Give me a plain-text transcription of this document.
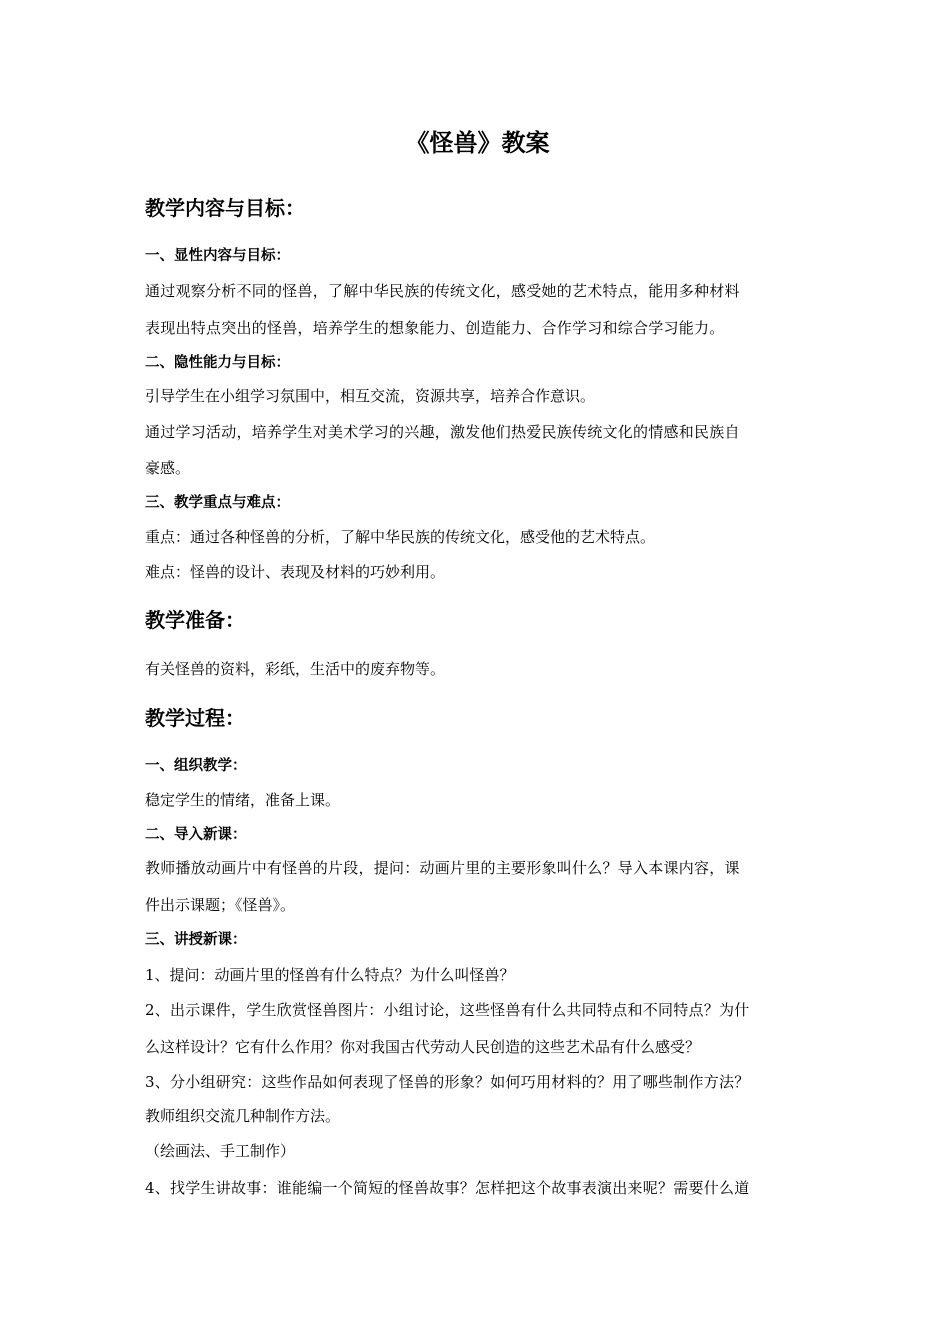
《怪兽》教案
教学内容与目标：
一、显性内容与目标：
通过观察分析不同的怪兽，了解中华民族的传统文化，感受她的艺术特点，能用多种材料
表现出特点突出的怪兽，培养学生的想象能力、创造能力、合作学习和综合学习能力。
二、隐性能力与目标：
引导学生在小组学习氛围中，相互交流，资源共享，培养合作意识。
通过学习活动，培养学生对美术学习的兴趣，激发他们热爱民族传统文化的情感和民族自
豪感。
三、教学重点与难点：
重点：通过各种怪兽的分析，了解中华民族的传统文化，感受他的艺术特点。
难点：怪兽的设计、表现及材料的巧妙利用。
教学准备：
有关怪兽的资料，彩纸，生活中的废弃物等。
教学过程：
一、组织教学：
稳定学生的情绪，准备上课。
二、导入新课：
教师播放动画片中有怪兽的片段，提问：动画片里的主要形象叫什么？导入本课内容，课
件出示课题；《怪兽》。
三、讲授新课：
1、提问：动画片里的怪兽有什么特点？为什么叫怪兽？
2、出示课件，学生欣赏怪兽图片：小组讨论，这些怪兽有什么共同特点和不同特点？为什
么这样设计？它有什么作用？你对我国古代劳动人民创造的这些艺术品有什么感受？
3、分小组研究：这些作品如何表现了怪兽的形象？如何巧用材料的？用了哪些制作方法？
教师组织交流几种制作方法。
（绘画法、手工制作）
4、找学生讲故事：谁能编一个简短的怪兽故事？怎样把这个故事表演出来呢？需要什么道
